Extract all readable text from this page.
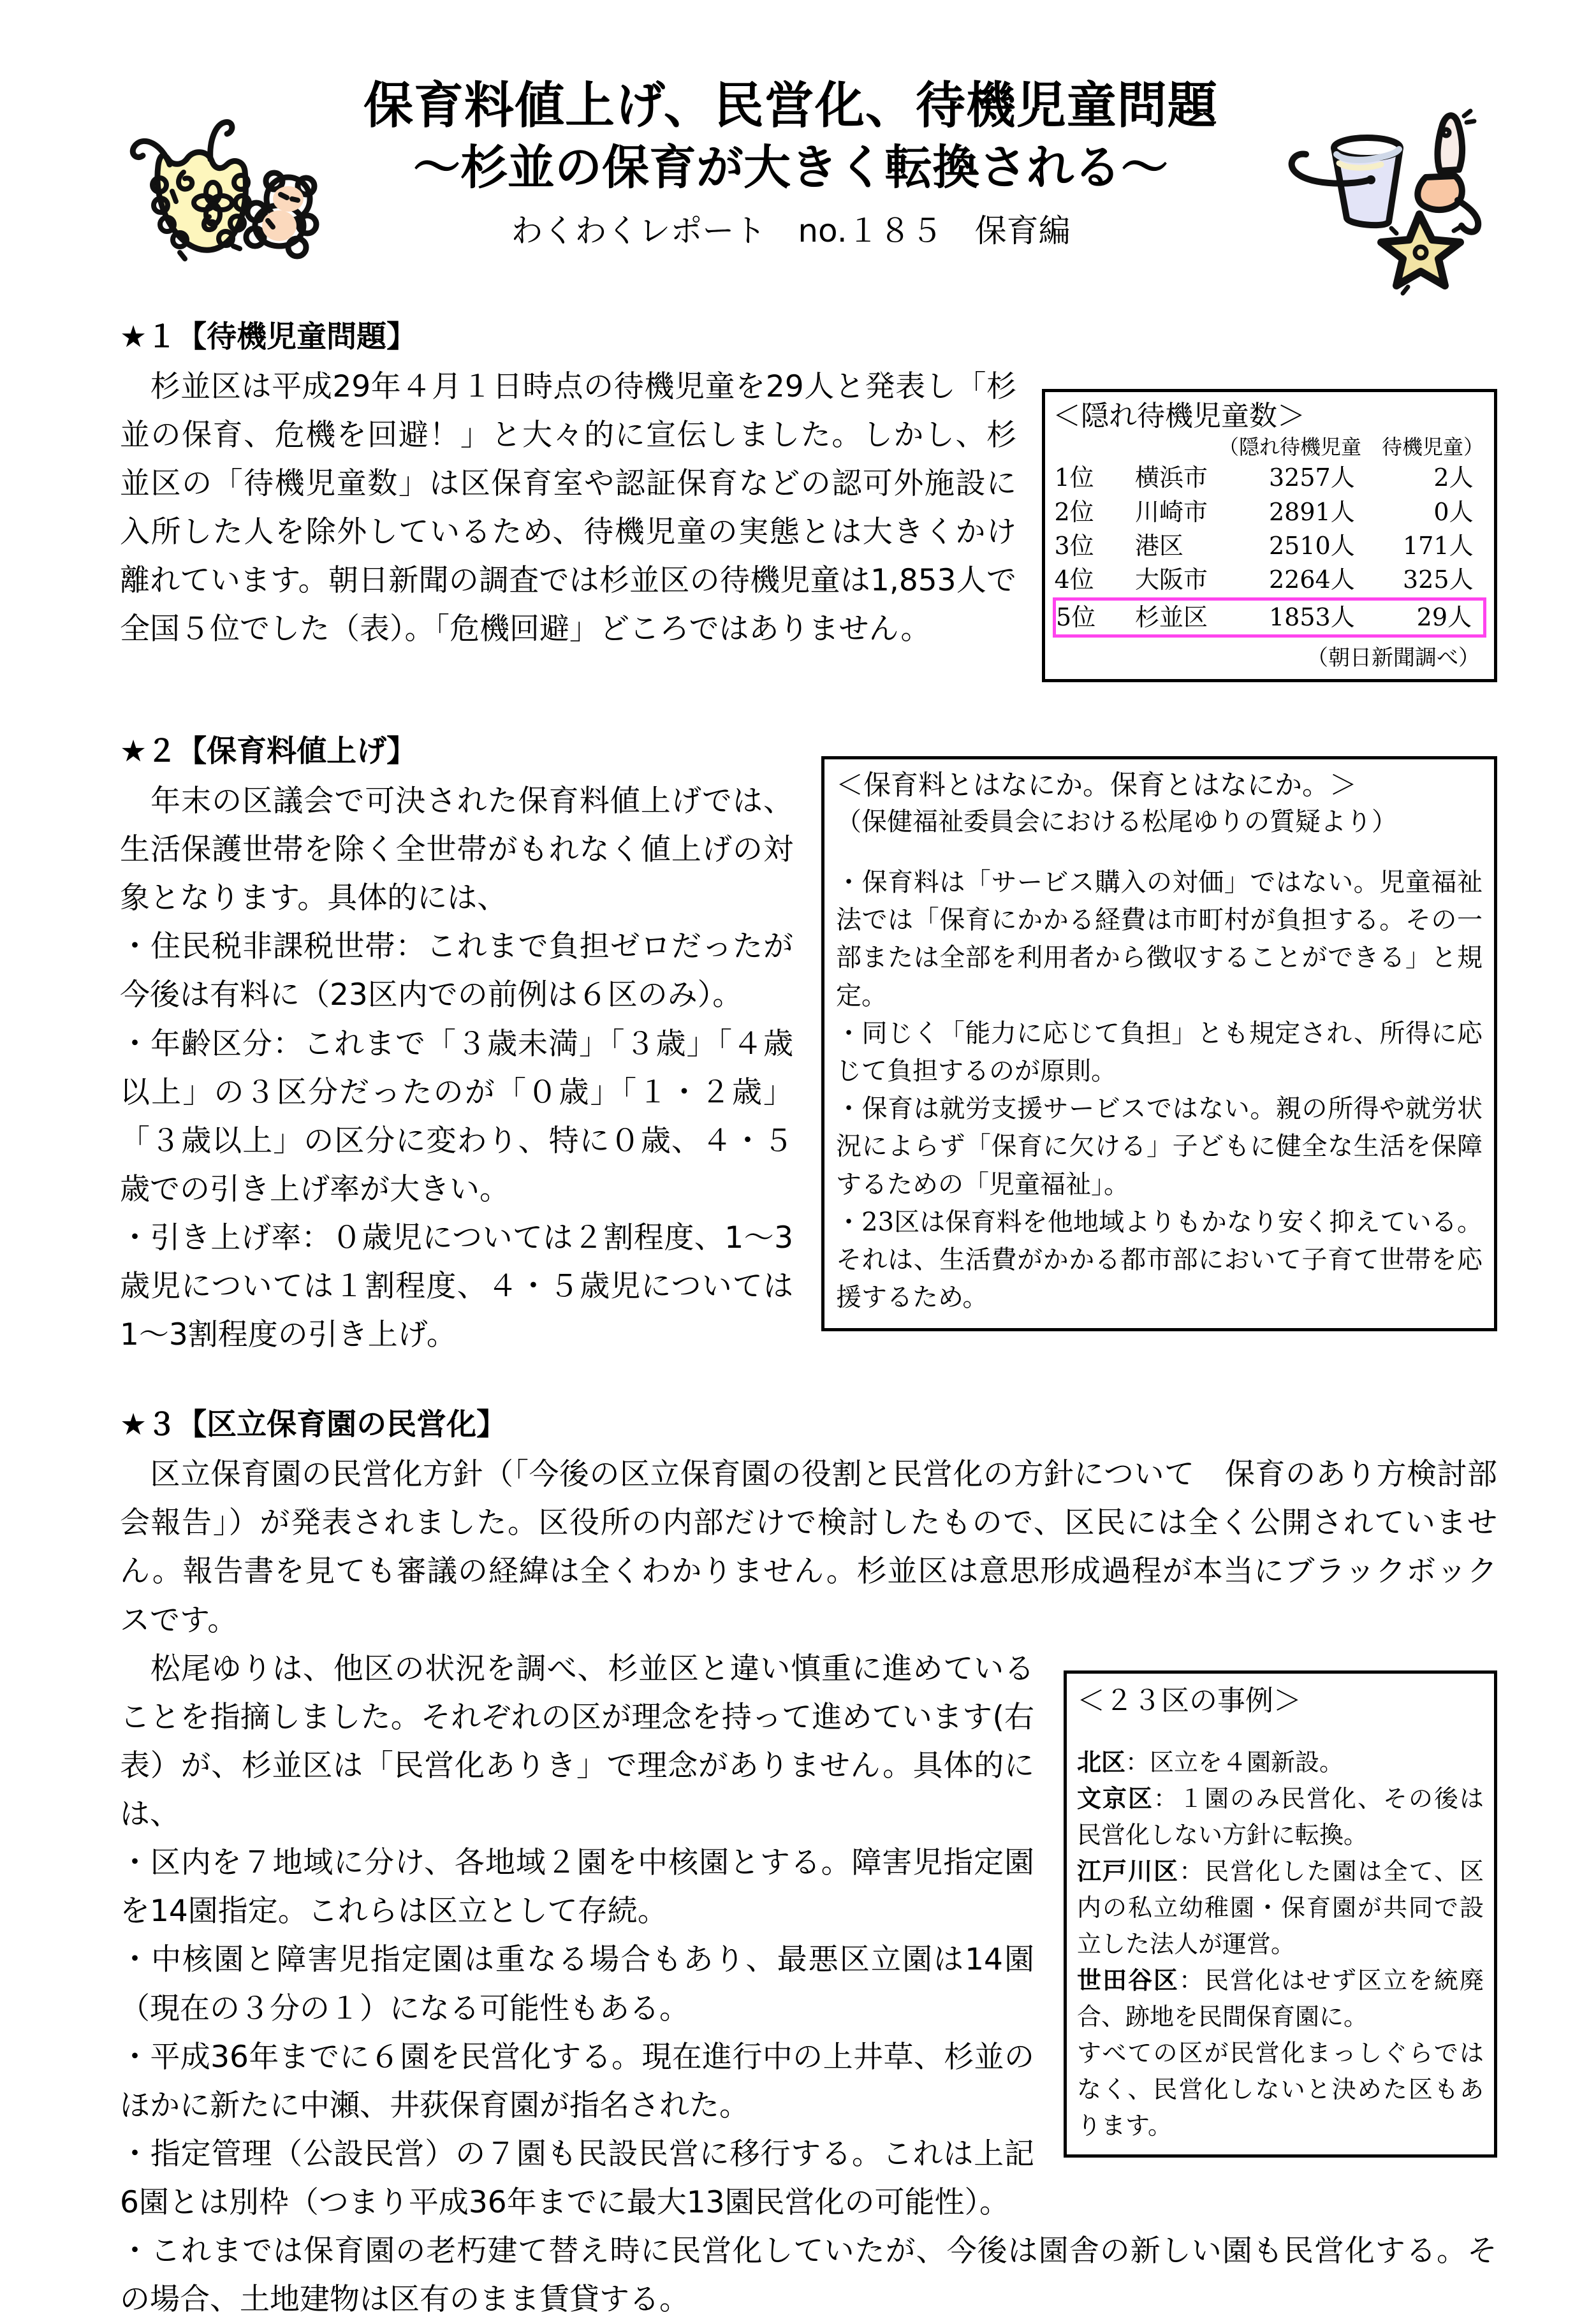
保育料値上げ、民営化、待機児童問題
〜杉並の保育が大きく転換される〜
わくわくレポート　no.１８５　保育編
＜隠れ待機児童数＞
（隠れ待機児童　待機児童）
1位	横浜市	3257人	2人
2位	川崎市	2891人	0人
3位	港区	2510人	171人
4位	大阪市	2264人	325人
5位	杉並区	1853人	29人
（朝日新聞調べ）
★１【待機児童問題】

　杉並区は平成29年４月１日時点の待機児童を29人と発表し「杉並の保育、危機を回避！」と大々的に宣伝しました。しかし、杉並区の「待機児童数」は区保育室や認証保育などの認可外施設に入所した人を除外しているため、待機児童の実態とは大きくかけ離れています。朝日新聞の調査では杉並区の待機児童は1,853人で全国５位でした（表）。「危機回避」どころではありません。

＜保育料とはなにか。保育とはなにか。＞
（保健福祉委員会における松尾ゆりの質疑より）

・保育料は「サービス購入の対価」ではない。児童福祉法では「保育にかかる経費は市町村が負担する。その一部または全部を利用者から徴収することができる」と規定。

・同じく「能力に応じて負担」とも規定され、所得に応じて負担するのが原則。

・保育は就労支援サービスではない。親の所得や就労状況によらず「保育に欠ける」子どもに健全な生活を保障するための「児童福祉」。

・23区は保育料を他地域よりもかなり安く抑えている。それは、生活費がかかる都市部において子育て世帯を応援するため。

★２【保育料値上げ】

　年末の区議会で可決された保育料値上げでは、生活保護世帯を除く全世帯がもれなく値上げの対象となります。具体的には、

・住民税非課税世帯：これまで負担ゼロだったが今後は有料に（23区内での前例は６区のみ）。

・年齢区分：これまで「３歳未満」「３歳」「４歳以上」の３区分だったのが「０歳」「１・２歳」「３歳以上」の区分に変わり、特に０歳、４・５歳での引き上げ率が大きい。

・引き上げ率：０歳児については２割程度、1〜3歳児については１割程度、４・５歳児については1〜3割程度の引き上げ。

★３【区立保育園の民営化】

　区立保育園の民営化方針（「今後の区立保育園の役割と民営化の方針について　保育のあり方検討部会報告」）が発表されました。区役所の内部だけで検討したもので、区民には全く公開されていません。報告書を見ても審議の経緯は全くわかりません。杉並区は意思形成過程が本当にブラックボックスです。

＜２３区の事例＞

北区：区立を４園新設。

文京区：１園のみ民営化、その後は民営化しない方針に転換。

江戸川区：民営化した園は全て、区内の私立幼稚園・保育園が共同で設立した法人が運営。

世田谷区：民営化はせず区立を統廃合、跡地を民間保育園に。

すべての区が民営化まっしぐらではなく、民営化しないと決めた区もあります。

　松尾ゆりは、他区の状況を調べ、杉並区と違い慎重に進めていることを指摘しました。それぞれの区が理念を持って進めています(右表）が、杉並区は「民営化ありき」で理念がありません。具体的には、

・区内を７地域に分け、各地域２園を中核園とする。障害児指定園を14園指定。これらは区立として存続。

・中核園と障害児指定園は重なる場合もあり、最悪区立園は14園（現在の３分の１）になる可能性もある。

・平成36年までに６園を民営化する。現在進行中の上井草、杉並のほかに新たに中瀬、井荻保育園が指名された。

・指定管理（公設民営）の７園も民設民営に移行する。これは上記6園とは別枠（つまり平成36年までに最大13園民営化の可能性）。

・これまでは保育園の老朽建て替え時に民営化していたが、今後は園舎の新しい園も民営化する。その場合、土地建物は区有のまま賃貸する。
